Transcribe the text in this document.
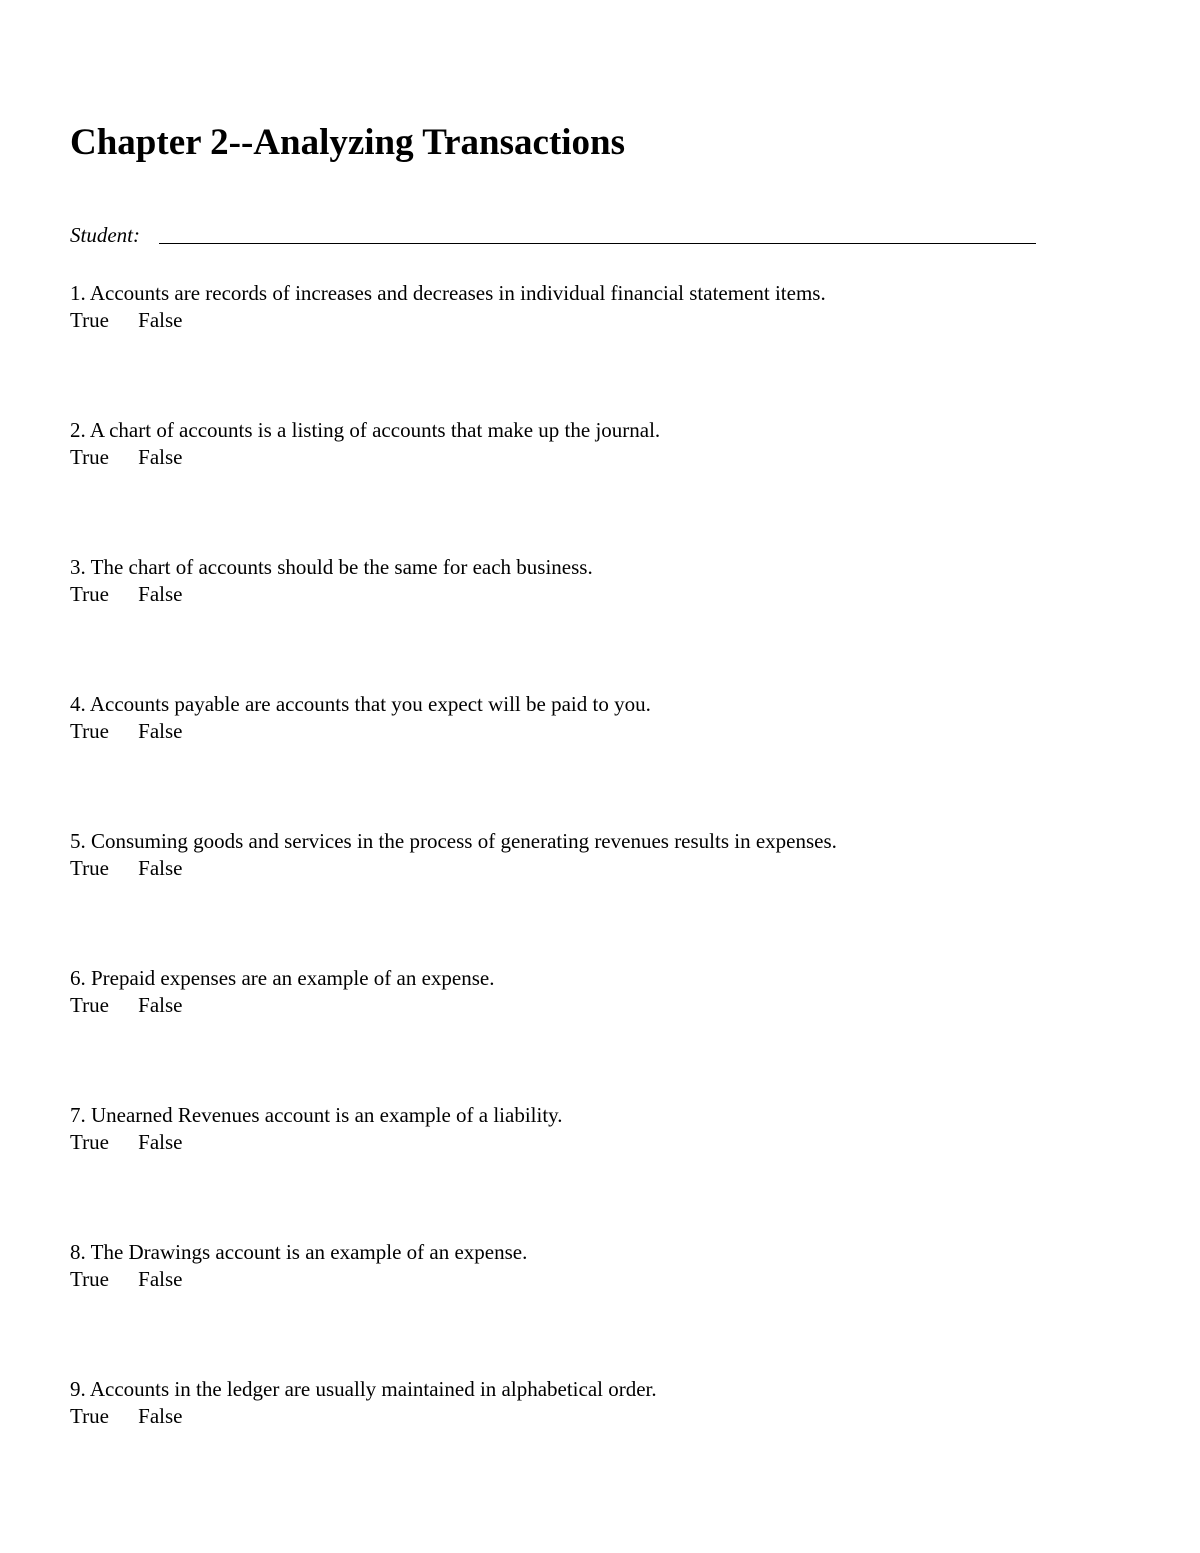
Chapter 2--Analyzing Transactions
Student:
1. Accounts are records of increases and decreases in individual financial statement items.
True False
2. A chart of accounts is a listing of accounts that make up the journal.
True False
3. The chart of accounts should be the same for each business.
True False
4. Accounts payable are accounts that you expect will be paid to you.
True False
5. Consuming goods and services in the process of generating revenues results in expenses.
True False
6. Prepaid expenses are an example of an expense.
True False
7. Unearned Revenues account is an example of a liability.
True False
8. The Drawings account is an example of an expense.
True False
9. Accounts in the ledger are usually maintained in alphabetical order.
True False
